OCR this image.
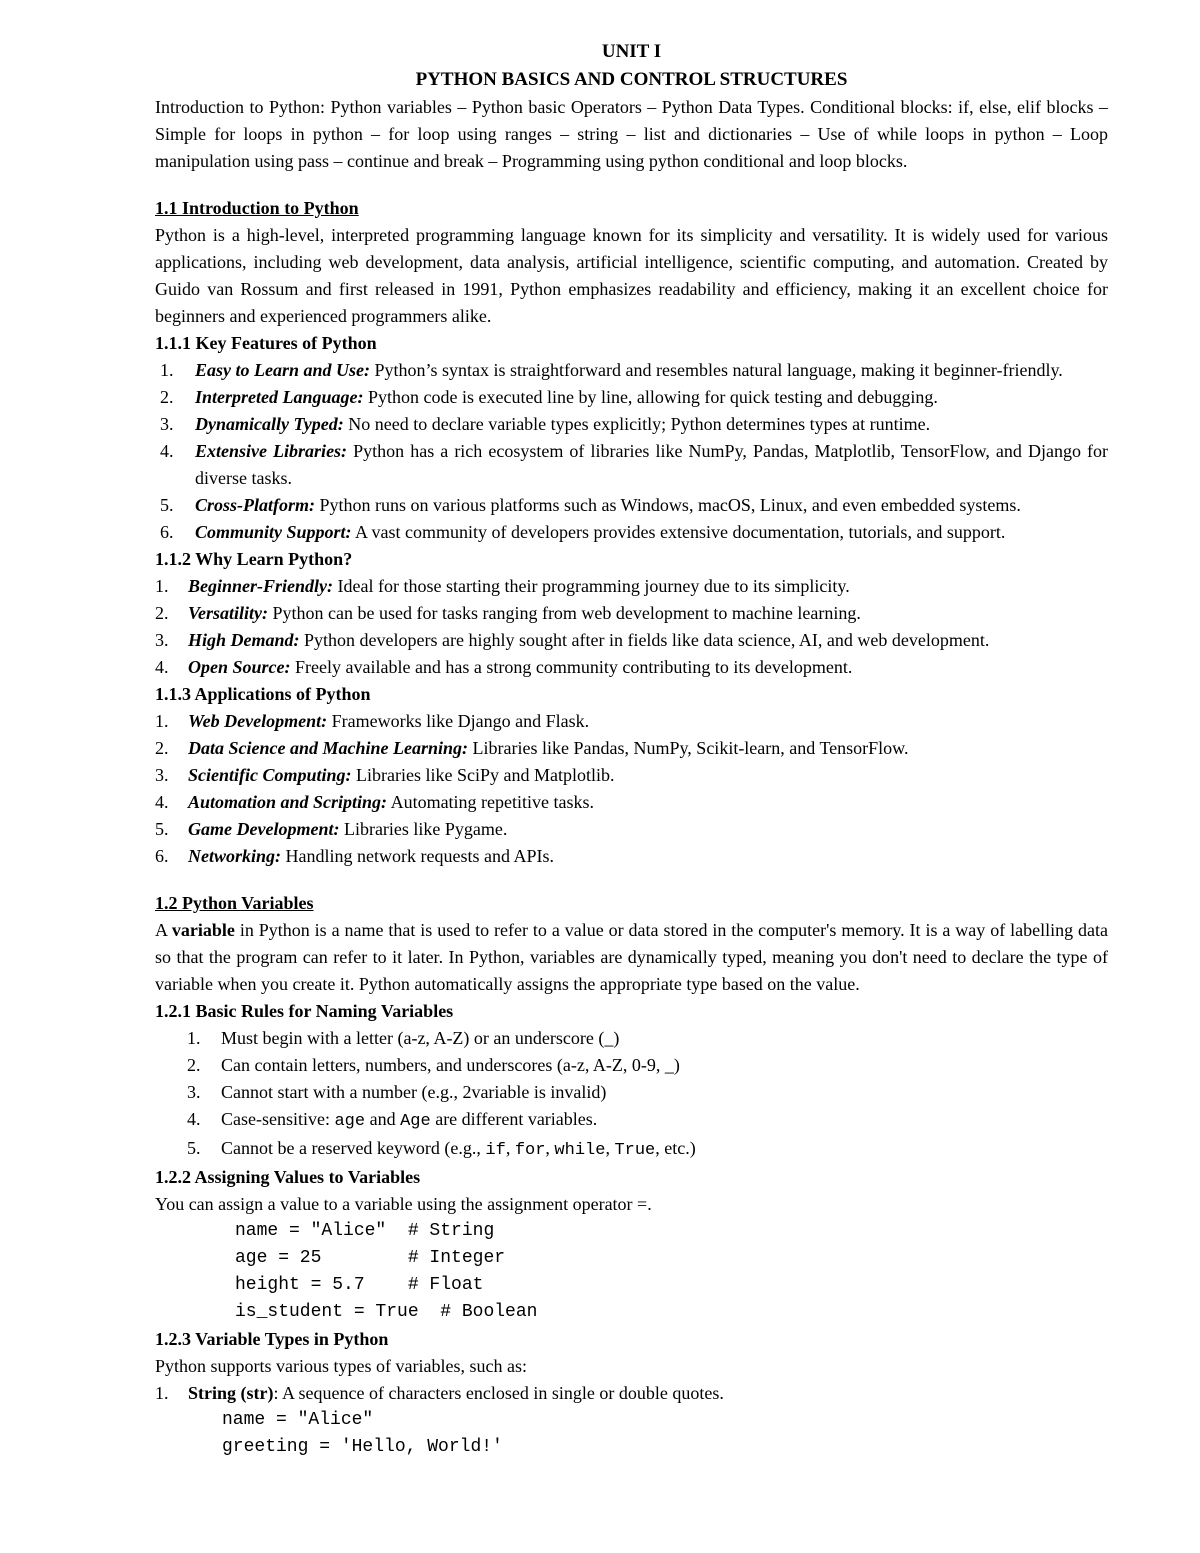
UNIT I
PYTHON BASICS AND CONTROL STRUCTURES

Introduction to Python: Python variables – Python basic Operators – Python Data Types. Conditional blocks: if, else, elif blocks – Simple for loops in python – for loop using ranges – string – list and dictionaries – Use of while loops in python – Loop manipulation using pass – continue and break – Programming using python conditional and loop blocks.

1.1 Introduction to Python

Python is a high-level, interpreted programming language known for its simplicity and versatility. It is widely used for various applications, including web development, data analysis, artificial intelligence, scientific computing, and automation. Created by Guido van Rossum and first released in 1991, Python emphasizes readability and efficiency, making it an excellent choice for beginners and experienced programmers alike.

1.1.1 Key Features of Python
1. Easy to Learn and Use: Python’s syntax is straightforward and resembles natural language, making it beginner-friendly.
2. Interpreted Language: Python code is executed line by line, allowing for quick testing and debugging.
3. Dynamically Typed: No need to declare variable types explicitly; Python determines types at runtime.
4. Extensive Libraries: Python has a rich ecosystem of libraries like NumPy, Pandas, Matplotlib, TensorFlow, and Django for diverse tasks.
5. Cross-Platform: Python runs on various platforms such as Windows, macOS, Linux, and even embedded systems.
6. Community Support: A vast community of developers provides extensive documentation, tutorials, and support.
1.1.2 Why Learn Python?
1. Beginner-Friendly: Ideal for those starting their programming journey due to its simplicity.
2. Versatility: Python can be used for tasks ranging from web development to machine learning.
3. High Demand: Python developers are highly sought after in fields like data science, AI, and web development.
4. Open Source: Freely available and has a strong community contributing to its development.
1.1.3 Applications of Python
1. Web Development: Frameworks like Django and Flask.
2. Data Science and Machine Learning: Libraries like Pandas, NumPy, Scikit-learn, and TensorFlow.
3. Scientific Computing: Libraries like SciPy and Matplotlib.
4. Automation and Scripting: Automating repetitive tasks.
5. Game Development: Libraries like Pygame.
6. Networking: Handling network requests and APIs.
1.2 Python Variables

A variable in Python is a name that is used to refer to a value or data stored in the computer's memory. It is a way of labelling data so that the program can refer to it later. In Python, variables are dynamically typed, meaning you don't need to declare the type of variable when you create it. Python automatically assigns the appropriate type based on the value.

1.2.1 Basic Rules for Naming Variables
1. Must begin with a letter (a-z, A-Z) or an underscore (_)
2. Can contain letters, numbers, and underscores (a-z, A-Z, 0-9, _)
3. Cannot start with a number (e.g., 2variable is invalid)
4. Case-sensitive: age and Age are different variables.
5. Cannot be a reserved keyword (e.g., if, for, while, True, etc.)
1.2.2 Assigning Values to Variables

You can assign a value to a variable using the assignment operator =.

name = "Alice"  # String
age = 25        # Integer
height = 5.7    # Float
is_student = True  # Boolean
1.2.3 Variable Types in Python

Python supports various types of variables, such as:

1. String (str): A sequence of characters enclosed in single or double quotes.
name = "Alice"
greeting = 'Hello, World!'
